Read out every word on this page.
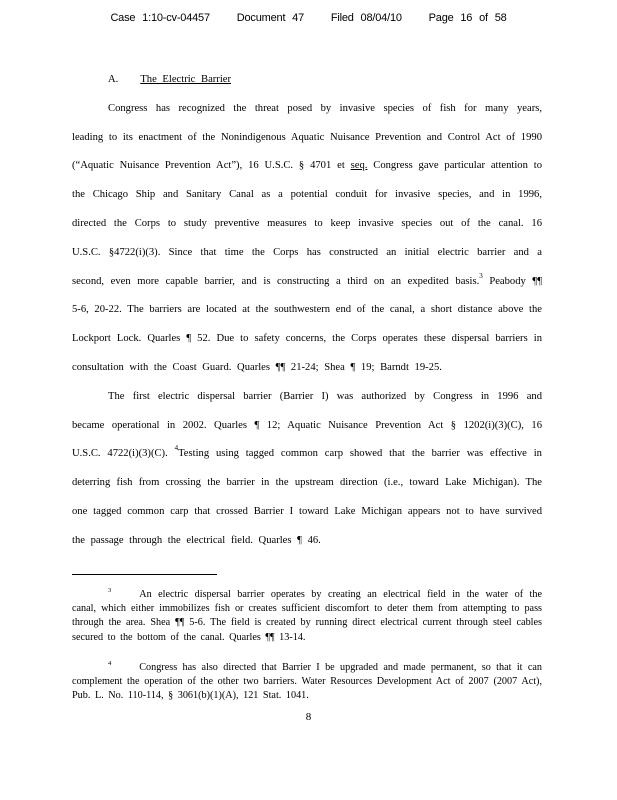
Case 1:10-cv-04457 Document 47 Filed 08/04/10 Page 16 of 58

A. The Electric Barrier

Congress has recognized the threat posed by invasive species of fish for many years, leading to its enactment of the Nonindigenous Aquatic Nuisance Prevention and Control Act of 1990 (“Aquatic Nuisance Prevention Act”), 16 U.S.C. § 4701 et seq. Congress gave particular attention to the Chicago Ship and Sanitary Canal as a potential conduit for invasive species, and in 1996, directed the Corps to study preventive measures to keep invasive species out of the canal. 16 U.S.C. §4722(i)(3). Since that time the Corps has constructed an initial electric barrier and a second, even more capable barrier, and is constructing a third on an expedited basis.$^3$ Peabody ¶¶ 5-6, 20-22. The barriers are located at the southwestern end of the canal, a short distance above the Lockport Lock. Quarles ¶ 52. Due to safety concerns, the Corps operates these dispersal barriers in consultation with the Coast Guard. Quarles ¶¶ 21-24; Shea ¶ 19; Barndt 19-25.

The first electric dispersal barrier (Barrier I) was authorized by Congress in 1996 and became operational in 2002. Quarles ¶ 12; Aquatic Nuisance Prevention Act § 1202(i)(3)(C), 16 U.S.C. 4722(i)(3)(C). $^4$Testing using tagged common carp showed that the barrier was effective in deterring fish from crossing the barrier in the upstream direction (i.e., toward Lake Michigan). The one tagged common carp that crossed Barrier I toward Lake Michigan appears not to have survived the passage through the electrical field. Quarles ¶ 46.

$^3$	An electric dispersal barrier operates by creating an electrical field in the water of the canal, which either immobilizes fish or creates sufficient discomfort to deter them from attempting to pass through the area. Shea ¶¶ 5-6. The field is created by running direct electrical current through steel cables secured to the bottom of the canal. Quarles ¶¶ 13-14.

$^4$	Congress has also directed that Barrier I be upgraded and made permanent, so that it can complement the operation of the other two barriers. Water Resources Development Act of 2007 (2007 Act), Pub. L. No. 110-114, § 3061(b)(1)(A), 121 Stat. 1041.

8
